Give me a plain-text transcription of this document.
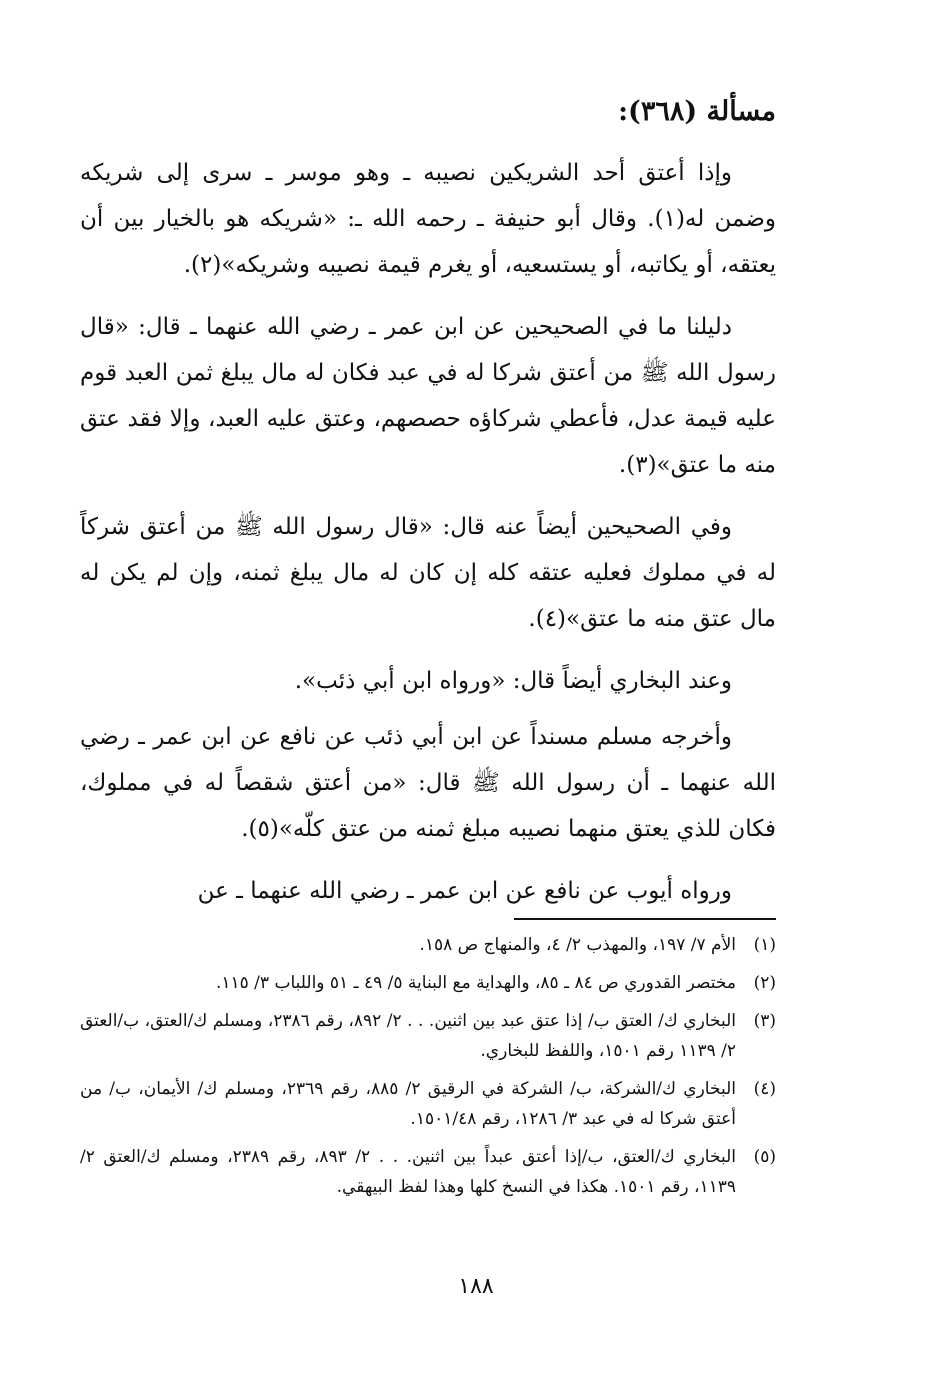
مسألة (٣٦٨):

وإذا أعتق أحد الشريكين نصيبه ـ وهو موسر ـ سرى إلى شريكه وضمن له(١). وقال أبو حنيفة ـ رحمه الله ـ: «شريكه هو بالخيار بين أن يعتقه، أو يكاتبه، أو يستسعيه، أو يغرم قيمة نصيبه وشريكه»(٢).

دليلنا ما في الصحيحين عن ابن عمر ـ رضي الله عنهما ـ قال: «قال رسول الله ﷺ من أعتق شركا له في عبد فكان له مال يبلغ ثمن العبد قوم عليه قيمة عدل، فأعطي شركاؤه حصصهم، وعتق عليه العبد، وإلا فقد عتق منه ما عتق»(٣).

وفي الصحيحين أيضاً عنه قال: «قال رسول الله ﷺ من أعتق شركاً له في مملوك فعليه عتقه كله إن كان له مال يبلغ ثمنه، وإن لم يكن له مال عتق منه ما عتق»(٤).

وعند البخاري أيضاً قال: «ورواه ابن أبي ذئب».

وأخرجه مسلم مسنداً عن ابن أبي ذئب عن نافع عن ابن عمر ـ رضي الله عنهما ـ أن رسول الله ﷺ قال: «من أعتق شقصاً له في مملوك، فكان للذي يعتق منهما نصيبه مبلغ ثمنه من عتق كلّه»(٥).

ورواه أيوب عن نافع عن ابن عمر ـ رضي الله عنهما ـ عن

(١)
الأم ٧/ ١٩٧، والمهذب ٢/ ٤، والمنهاج ص ١٥٨.
(٢)
مختصر القدوري ص ٨٤ ـ ٨٥، والهداية مع البناية ٥/ ٤٩ ـ ٥١ واللباب ٣/ ١١٥.
(٣)
البخاري ك/ العتق ب/ إذا عتق عبد بين اثنين. . . ٢/ ٨٩٢، رقم ٢٣٨٦، ومسلم ك/العتق، ب/العتق ٢/ ١١٣٩ رقم ١٥٠١، واللفظ للبخاري.
(٤)
البخاري ك/الشركة، ب/ الشركة في الرقيق ٢/ ٨٨٥، رقم ٢٣٦٩، ومسلم ك/ الأيمان، ب/ من أعتق شركا له في عبد ٣/ ١٢٨٦، رقم ١٥٠١/٤٨.
(٥)
البخاري ك/العتق، ب/إذا أعتق عبداً بين اثنين. . . ٢/ ٨٩٣، رقم ٢٣٨٩، ومسلم ك/العتق ٢/ ١١٣٩، رقم ١٥٠١. هكذا في النسخ كلها وهذا لفظ البيهقي.
١٨٨
